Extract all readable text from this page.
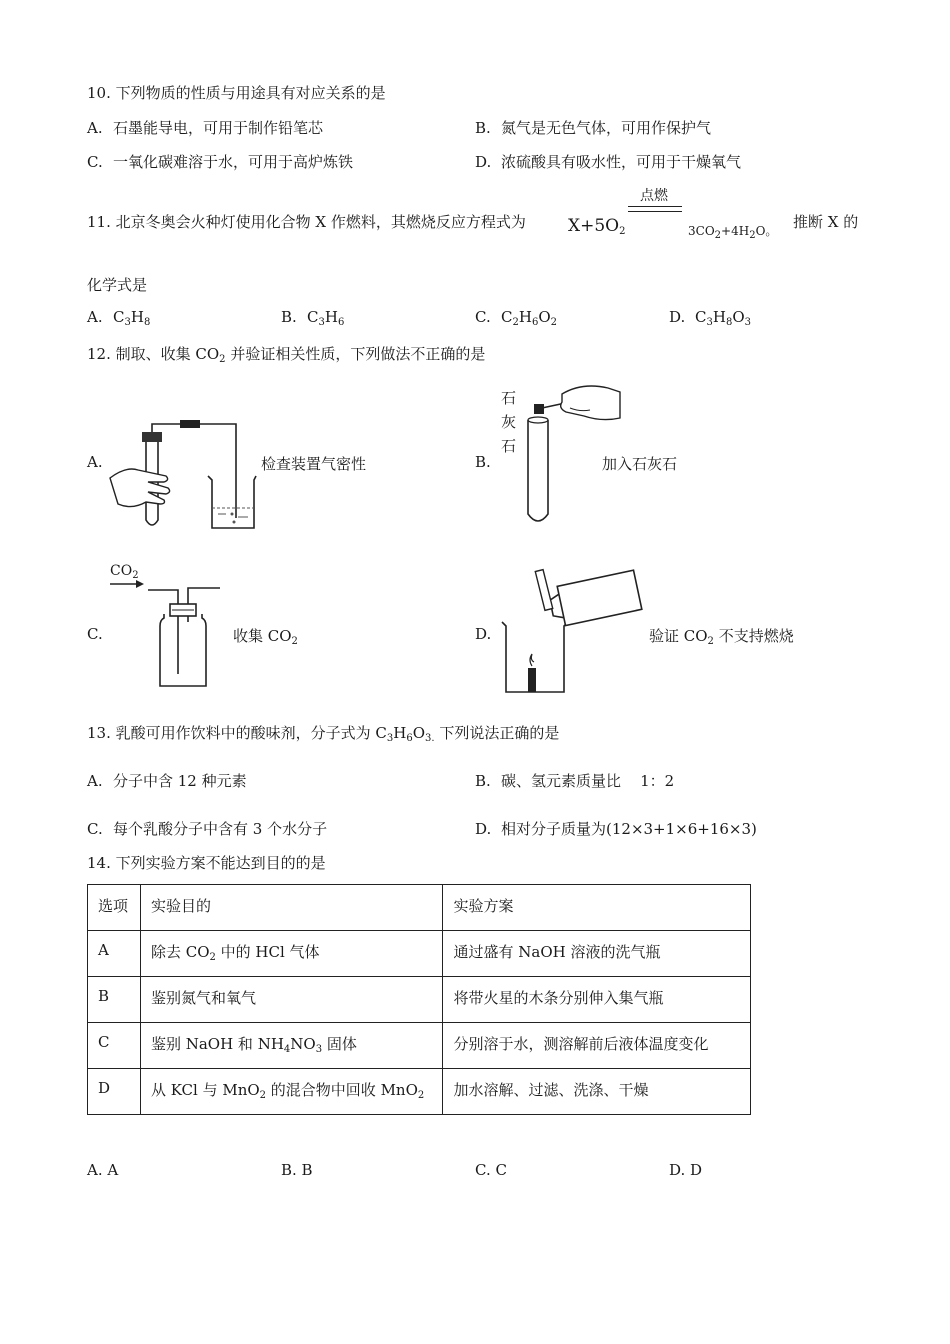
10. 下列物质的性质与用途具有对应关系的是
A. 石墨能导电，可用于制作铅笔芯	B. 氮气是无色气体，可用作保护气
C. 一氧化碳难溶于水，可用于高炉炼铁	D. 浓硫酸具有吸水性，可用于干燥氧气
11. 北京冬奥会火种灯使用化合物 X 作燃料，其燃烧反应方程式为 $X+5O_2$
点燃
$3CO_2+4H_2O$。 推断 X 的
化学式是
A. $C_3H_8$	B. $C_3H_6$	C. $C_2H_6O_2$	D. $C_3H_8O_3$
12. 制取、收集 $CO_2$ 并验证相关性质，下列做法不正确的是
A.	检查装置气密性	B.
石
灰
石
加入石灰石
C.
$CO_2$
收集 $CO_2$	D.	验证 $CO_2$ 不支持燃烧
13. 乳酸可用作饮料中的酸味剂，分子式为 $C_3H_6O_{3.}$ 下列说法正确的是
A. 分子中含 12 种元素	B. 碳、氢元素质量比    1：2
C. 每个乳酸分子中含有 3 个水分子	D. 相对分子质量为(12×3+1×6+16×3)
14. 下列实验方案不能达到目的的是
选项	实验目的	实验方案
A	除去 $CO_2$ 中的 HCl 气体	通过盛有 NaOH 溶液的洗气瓶
B	鉴别氮气和氧气	将带火星的木条分别伸入集气瓶
C	鉴别 NaOH 和 $NH_4NO_3$ 固体	分别溶于水，测溶解前后液体温度变化
D	从 KCl 与 MnO$_2$ 的混合物中回收 MnO$_2$	加水溶解、过滤、洗涤、干燥
A. A	B. B	C. C	D. D
